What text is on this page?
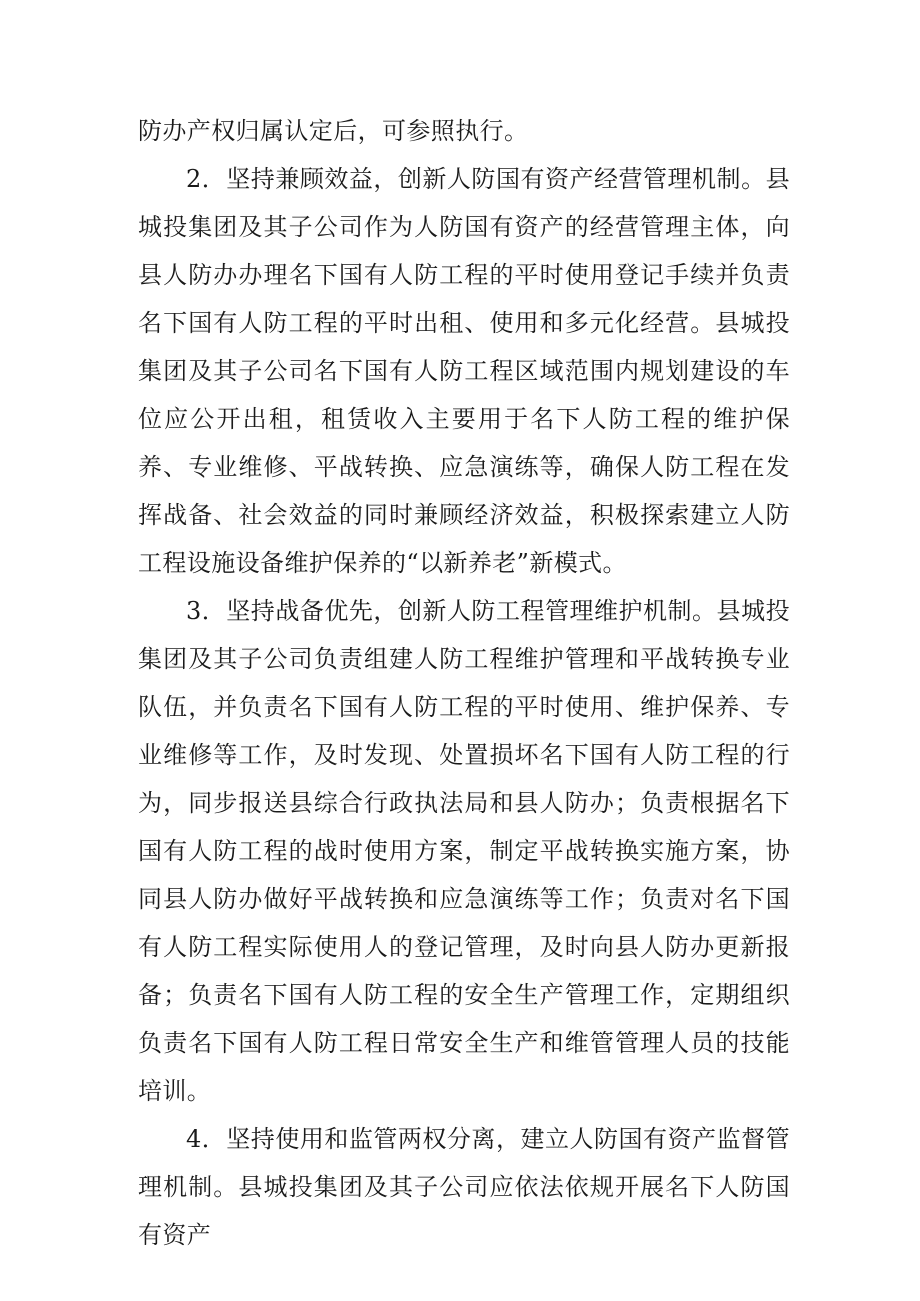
防办产权归属认定后，可参照执行。

2．坚持兼顾效益，创新人防国有资产经营管理机制。县城投集团及其子公司作为人防国有资产的经营管理主体，向县人防办办理名下国有人防工程的平时使用登记手续并负责名下国有人防工程的平时出租、使用和多元化经营。县城投集团及其子公司名下国有人防工程区域范围内规划建设的车位应公开出租，租赁收入主要用于名下人防工程的维护保养、专业维修、平战转换、应急演练等，确保人防工程在发挥战备、社会效益的同时兼顾经济效益，积极探索建立人防工程设施设备维护保养的“以新养老”新模式。

3．坚持战备优先，创新人防工程管理维护机制。县城投集团及其子公司负责组建人防工程维护管理和平战转换专业队伍，并负责名下国有人防工程的平时使用、维护保养、专业维修等工作，及时发现、处置损坏名下国有人防工程的行为，同步报送县综合行政执法局和县人防办；负责根据名下国有人防工程的战时使用方案，制定平战转换实施方案，协同县人防办做好平战转换和应急演练等工作；负责对名下国有人防工程实际使用人的登记管理，及时向县人防办更新报备；负责名下国有人防工程的安全生产管理工作，定期组织负责名下国有人防工程日常安全生产和维管管理人员的技能培训。

4．坚持使用和监管两权分离，建立人防国有资产监督管理机制。县城投集团及其子公司应依法依规开展名下人防国有资产
